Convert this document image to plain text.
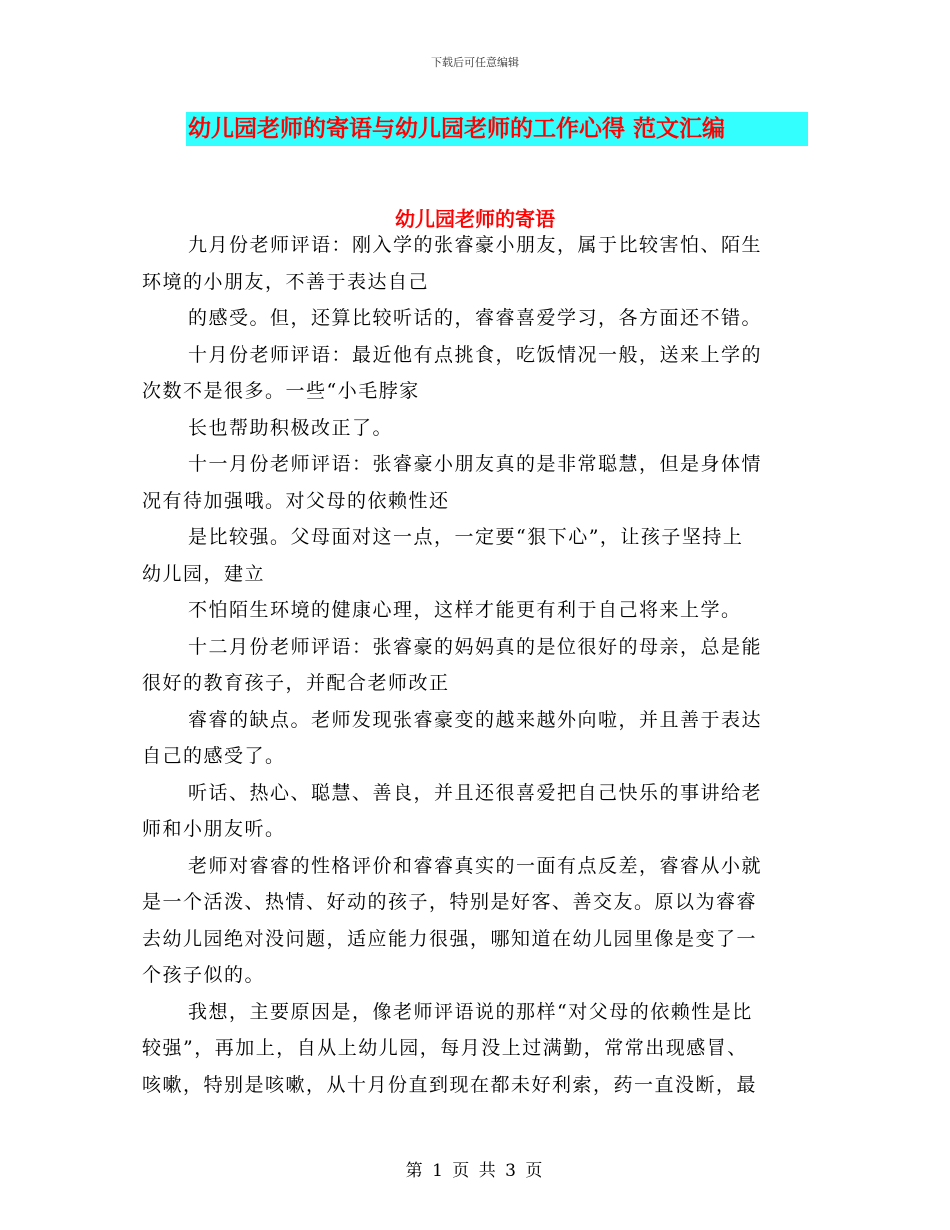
下载后可任意编辑
幼儿园老师的寄语与幼儿园老师的工作心得 范文汇编
幼儿园老师的寄语
九月份老师评语：刚入学的张睿豪小朋友，属于比较害怕、陌生
环境的小朋友，不善于表达自己
的感受。但，还算比较听话的，睿睿喜爱学习，各方面还不错。
十月份老师评语：最近他有点挑食，吃饭情况一般，送来上学的
次数不是很多。一些“小毛脖家
长也帮助积极改正了。
十一月份老师评语：张睿豪小朋友真的是非常聪慧，但是身体情
况有待加强哦。对父母的依赖性还
是比较强。父母面对这一点，一定要“狠下心”，让孩子坚持上
幼儿园，建立
不怕陌生环境的健康心理，这样才能更有利于自己将来上学。
十二月份老师评语：张睿豪的妈妈真的是位很好的母亲，总是能
很好的教育孩子，并配合老师改正
睿睿的缺点。老师发现张睿豪变的越来越外向啦，并且善于表达
自己的感受了。
听话、热心、聪慧、善良，并且还很喜爱把自己快乐的事讲给老
师和小朋友听。
老师对睿睿的性格评价和睿睿真实的一面有点反差，睿睿从小就
是一个活泼、热情、好动的孩子，特别是好客、善交友。原以为睿睿
去幼儿园绝对没问题，适应能力很强，哪知道在幼儿园里像是变了一
个孩子似的。
我想，主要原因是，像老师评语说的那样“对父母的依赖性是比
较强”，再加上，自从上幼儿园，每月没上过满勤，常常出现感冒、
咳嗽，特别是咳嗽，从十月份直到现在都未好利索，药一直没断，最
第 1 页 共 3 页
